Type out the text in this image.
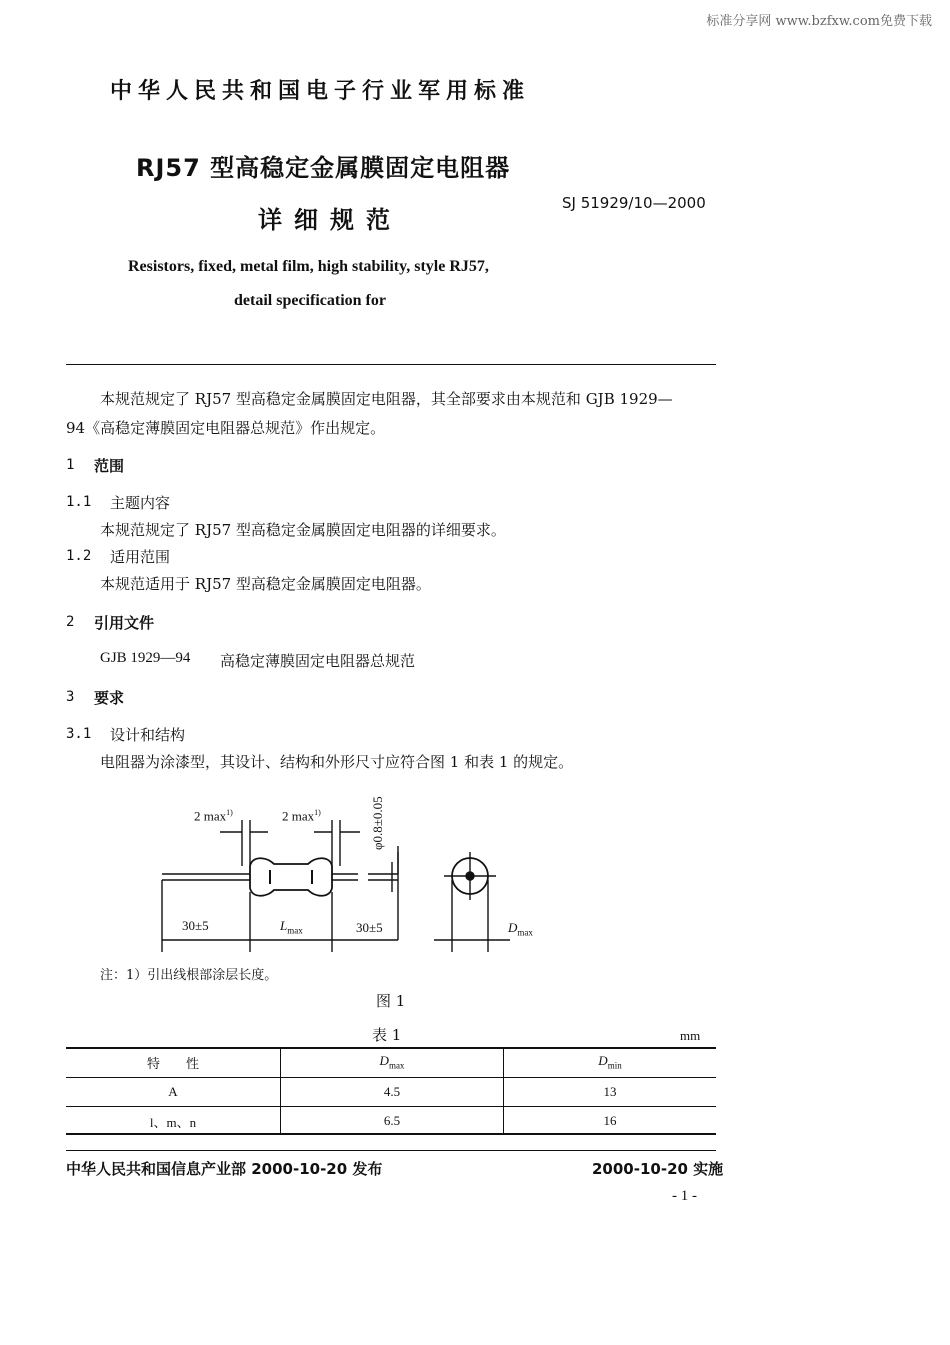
标准分享网 www.bzfxw.com免费下载
中华人民共和国电子行业军用标准
RJ57 型高稳定金属膜固定电阻器
详细规范
SJ 51929/10—2000
Resistors, fixed, metal film, high stability, style RJ57,
detail specification for
本规范规定了 RJ57 型高稳定金属膜固定电阻器，其全部要求由本规范和 GJB 1929—
94《高稳定薄膜固定电阻器总规范》作出规定。
1 范围
1.1 主题内容
本规范规定了 RJ57 型高稳定金属膜固定电阻器的详细要求。
1.2 适用范围
本规范适用于 RJ57 型高稳定金属膜固定电阻器。
2 引用文件
GJB 1929—94 高稳定薄膜固定电阻器总规范
3 要求
3.1 设计和结构
电阻器为涂漆型，其设计、结构和外形尺寸应符合图 1 和表 1 的规定。
2 $\max^{1)}$	2 $\max^{1)}$	φ0.8±0.05
30±5	$L_{max}$	30±5	$D_{max}$
注：1）引出线根部涂层长度。
图 1
表 1	mm
特　　性	$D_{max}$	$D_{min}$
A	4.5	13
l、m、n	6.5	16
中华人民共和国信息产业部 2000-10-20 发布	2000-10-20 实施
- 1 -
